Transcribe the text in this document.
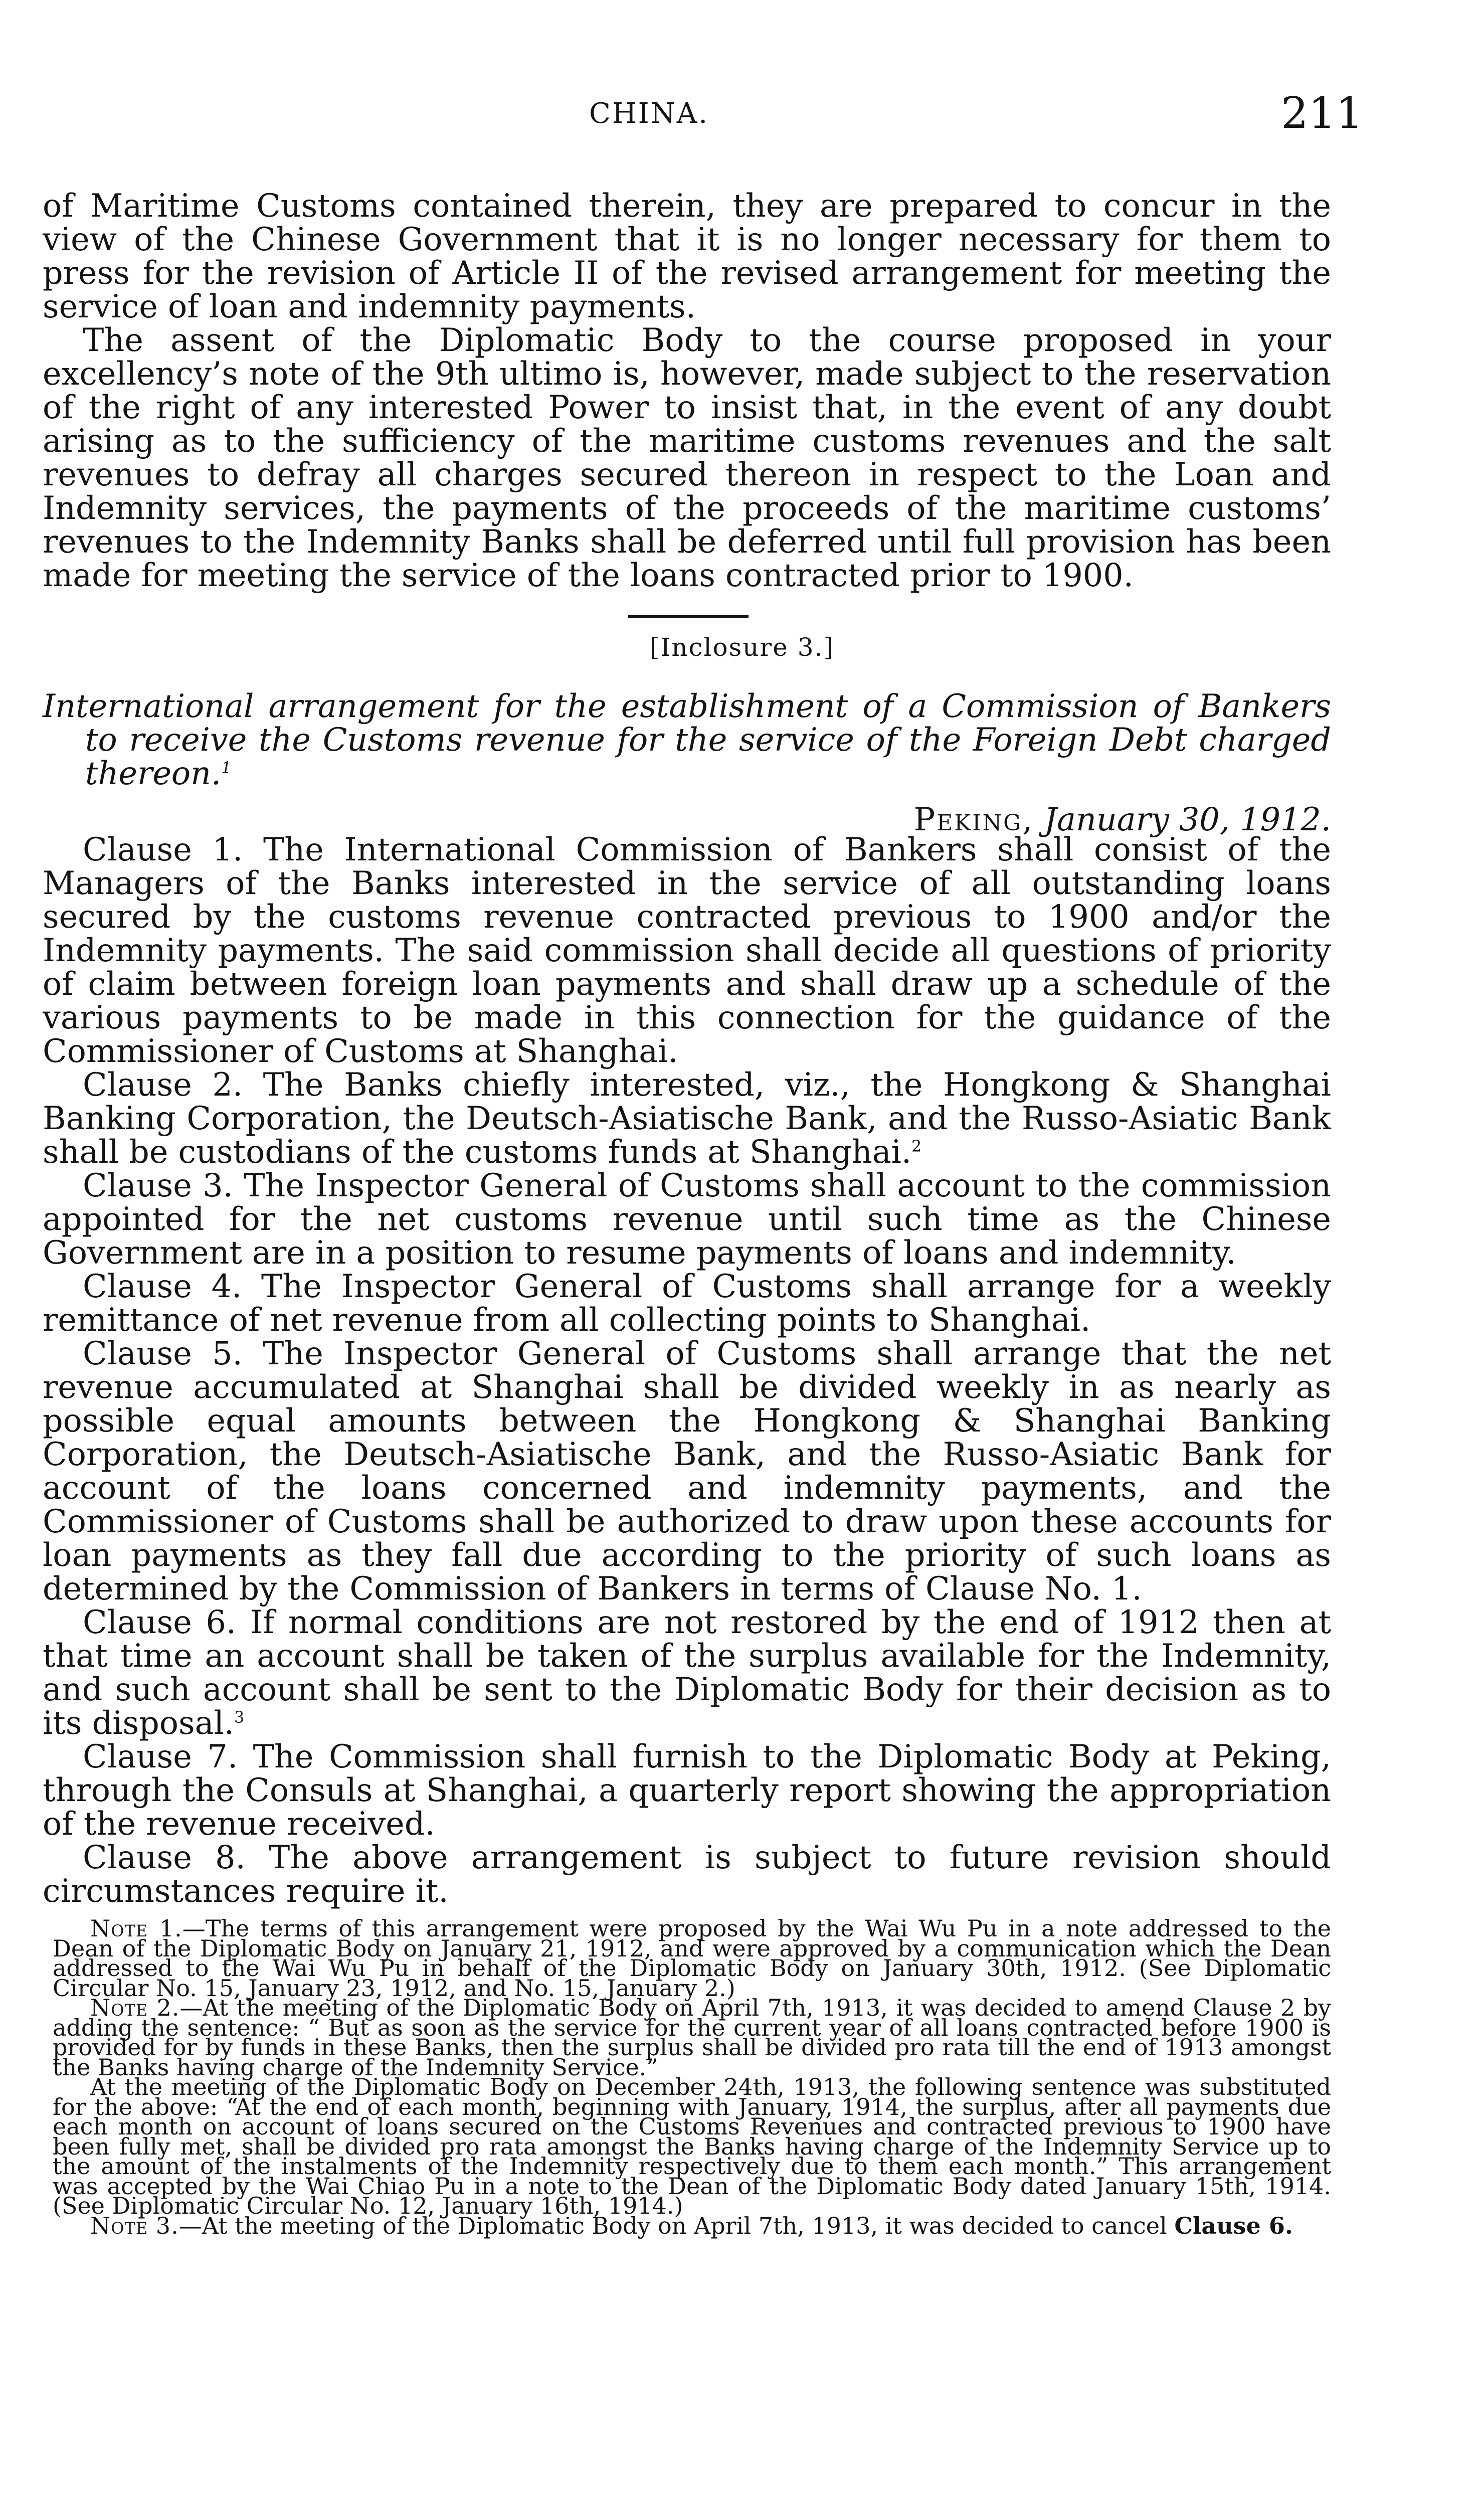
CHINA.	211

of Maritime Customs contained therein, they are prepared to concur in the view of the Chinese Government that it is no longer necessary for them to press for the revision of Article II of the revised arrangement for meeting the service of loan and indemnity payments.

The assent of the Diplomatic Body to the course proposed in your excellency’s note of the 9th ultimo is, however, made subject to the reservation of the right of any interested Power to insist that, in the event of any doubt arising as to the sufficiency of the maritime customs revenues and the salt revenues to defray all charges secured thereon in respect to the Loan and Indemnity services, the payments of the proceeds of the maritime customs’ revenues to the Indemnity Banks shall be deferred until full provision has been made for meeting the service of the loans contracted prior to 1900.

[Inclosure 3.]
International arrangement for the establishment of a Commission of Bankers to receive the Customs revenue for the service of the Foreign Debt charged thereon.$^1$
Peking, January 30, 1912.

Clause 1. The International Commission of Bankers shall consist of the Managers of the Banks interested in the service of all outstanding loans secured by the customs revenue contracted previous to 1900 and/or the Indemnity payments. The said commission shall decide all questions of priority of claim between foreign loan payments and shall draw up a schedule of the various payments to be made in this connection for the guidance of the Commissioner of Customs at Shanghai.

Clause 2. The Banks chiefly interested, viz., the Hongkong & Shanghai Banking Corporation, the Deutsch-Asiatische Bank, and the Russo-Asiatic Bank shall be custodians of the customs funds at Shanghai.$^2$

Clause 3. The Inspector General of Customs shall account to the commission appointed for the net customs revenue until such time as the Chinese Government are in a position to resume payments of loans and indemnity.

Clause 4. The Inspector General of Customs shall arrange for a weekly remittance of net revenue from all collecting points to Shanghai.

Clause 5. The Inspector General of Customs shall arrange that the net revenue accumulated at Shanghai shall be divided weekly in as nearly as possible equal amounts between the Hongkong & Shanghai Banking Corporation, the Deutsch-Asiatische Bank, and the Russo-Asiatic Bank for account of the loans concerned and indemnity payments, and the Commissioner of Customs shall be authorized to draw upon these accounts for loan payments as they fall due according to the priority of such loans as determined by the Commission of Bankers in terms of Clause No. 1.

Clause 6. If normal conditions are not restored by the end of 1912 then at that time an account shall be taken of the surplus available for the Indemnity, and such account shall be sent to the Diplomatic Body for their decision as to its disposal.$^3$

Clause 7. The Commission shall furnish to the Diplomatic Body at Peking, through the Consuls at Shanghai, a quarterly report showing the appropriation of the revenue received.

Clause 8. The above arrangement is subject to future revision should circumstances require it.

Note 1.—The terms of this arrangement were proposed by the Wai Wu Pu in a note addressed to the Dean of the Diplomatic Body on January 21, 1912, and were approved by a communication which the Dean addressed to the Wai Wu Pu in behalf of the Diplomatic Body on January 30th, 1912. (See Diplomatic Circular No. 15, January 23, 1912, and No. 15, January 2.)

Note 2.—At the meeting of the Diplomatic Body on April 7th, 1913, it was decided to amend Clause 2 by adding the sentence: “ But as soon as the service for the current year of all loans contracted before 1900 is provided for by funds in these Banks, then the surplus shall be divided pro rata till the end of 1913 amongst the Banks having charge of the Indemnity Service.”

At the meeting of the Diplomatic Body on December 24th, 1913, the following sentence was substituted for the above: “At the end of each month, beginning with January, 1914, the surplus, after all payments due each month on account of loans secured on the Customs Revenues and contracted previous to 1900 have been fully met, shall be divided pro rata amongst the Banks having charge of the Indemnity Service up to the amount of the instalments of the Indemnity respectively due to them each month.” This arrangement was accepted by the Wai Chiao Pu in a note to the Dean of the Diplomatic Body dated January 15th, 1914. (See Diplomatic Circular No. 12, January 16th, 1914.)

Note 3.—At the meeting of the Diplomatic Body on April 7th, 1913, it was decided to cancel Clause 6.
